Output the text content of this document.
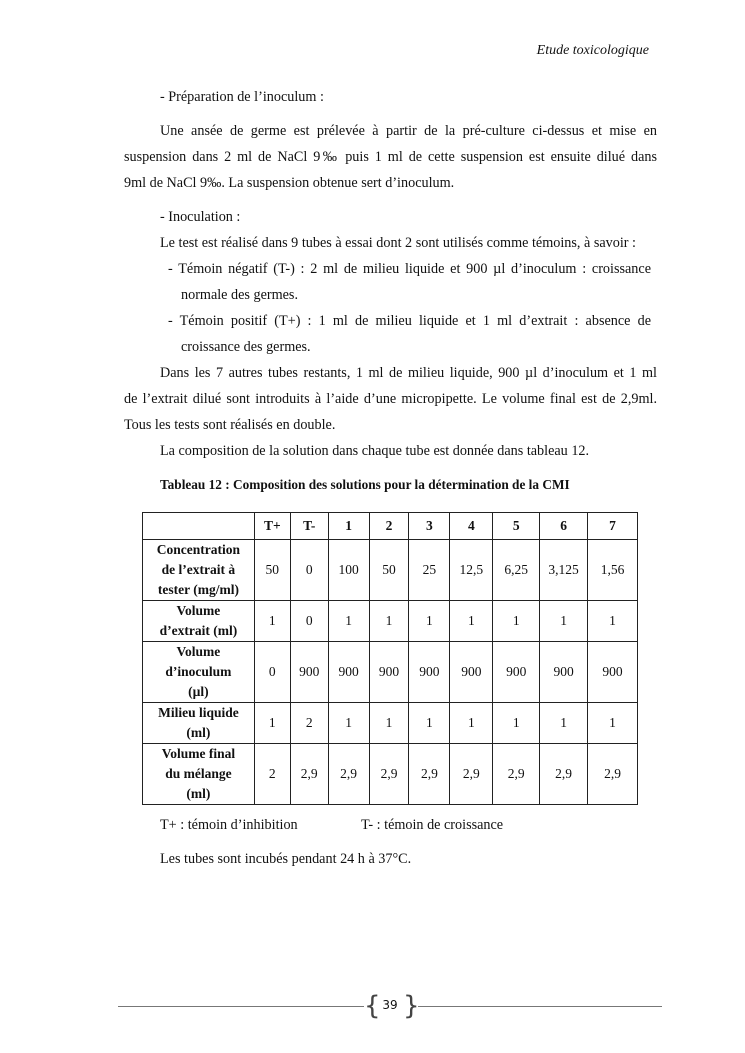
Etude toxicologique
- Préparation de l’inoculum :
Une ansée de germe est prélevée à partir de la pré-culture ci-dessus et mise en
suspension dans 2 ml de NaCl 9‰ puis 1 ml de cette suspension est ensuite dilué dans
9ml de NaCl 9‰. La suspension obtenue sert d’inoculum.
- Inoculation :
Le test est réalisé dans 9 tubes à essai dont 2 sont utilisés comme témoins, à savoir :
- Témoin négatif (T-) : 2 ml de milieu liquide et 900 µl d’inoculum : croissance
normale des germes.
- Témoin positif (T+) : 1 ml de milieu liquide et 1 ml d’extrait : absence de
croissance des germes.
Dans les 7 autres tubes restants, 1 ml de milieu liquide, 900 µl d’inoculum et 1 ml
de l’extrait dilué sont introduits à l’aide d’une micropipette. Le volume final est de 2,9ml.
Tous les tests sont réalisés en double.
La composition de la solution dans chaque tube est donnée dans tableau 12.
Tableau 12 : Composition des solutions pour la détermination de la CMI
	T+	T-	1	2	3	4	5	6	7

Concentration
de l’extrait à
tester (mg/ml)	50	0	100	50	25	12,5	6,25	3,125	1,56

Volume
d’extrait (ml)	1	0	1	1	1	1	1	1	1

Volume
d’inoculum
(µl)	0	900	900	900	900	900	900	900	900

Milieu liquide
(ml)	1	2	1	1	1	1	1	1	1

Volume final
du mélange
(ml)	2	2,9	2,9	2,9	2,9	2,9	2,9	2,9	2,9
T+ : témoin d’inhibition	T- : témoin de croissance
Les tubes sont incubés pendant 24 h à 37°C.
{ }
39
